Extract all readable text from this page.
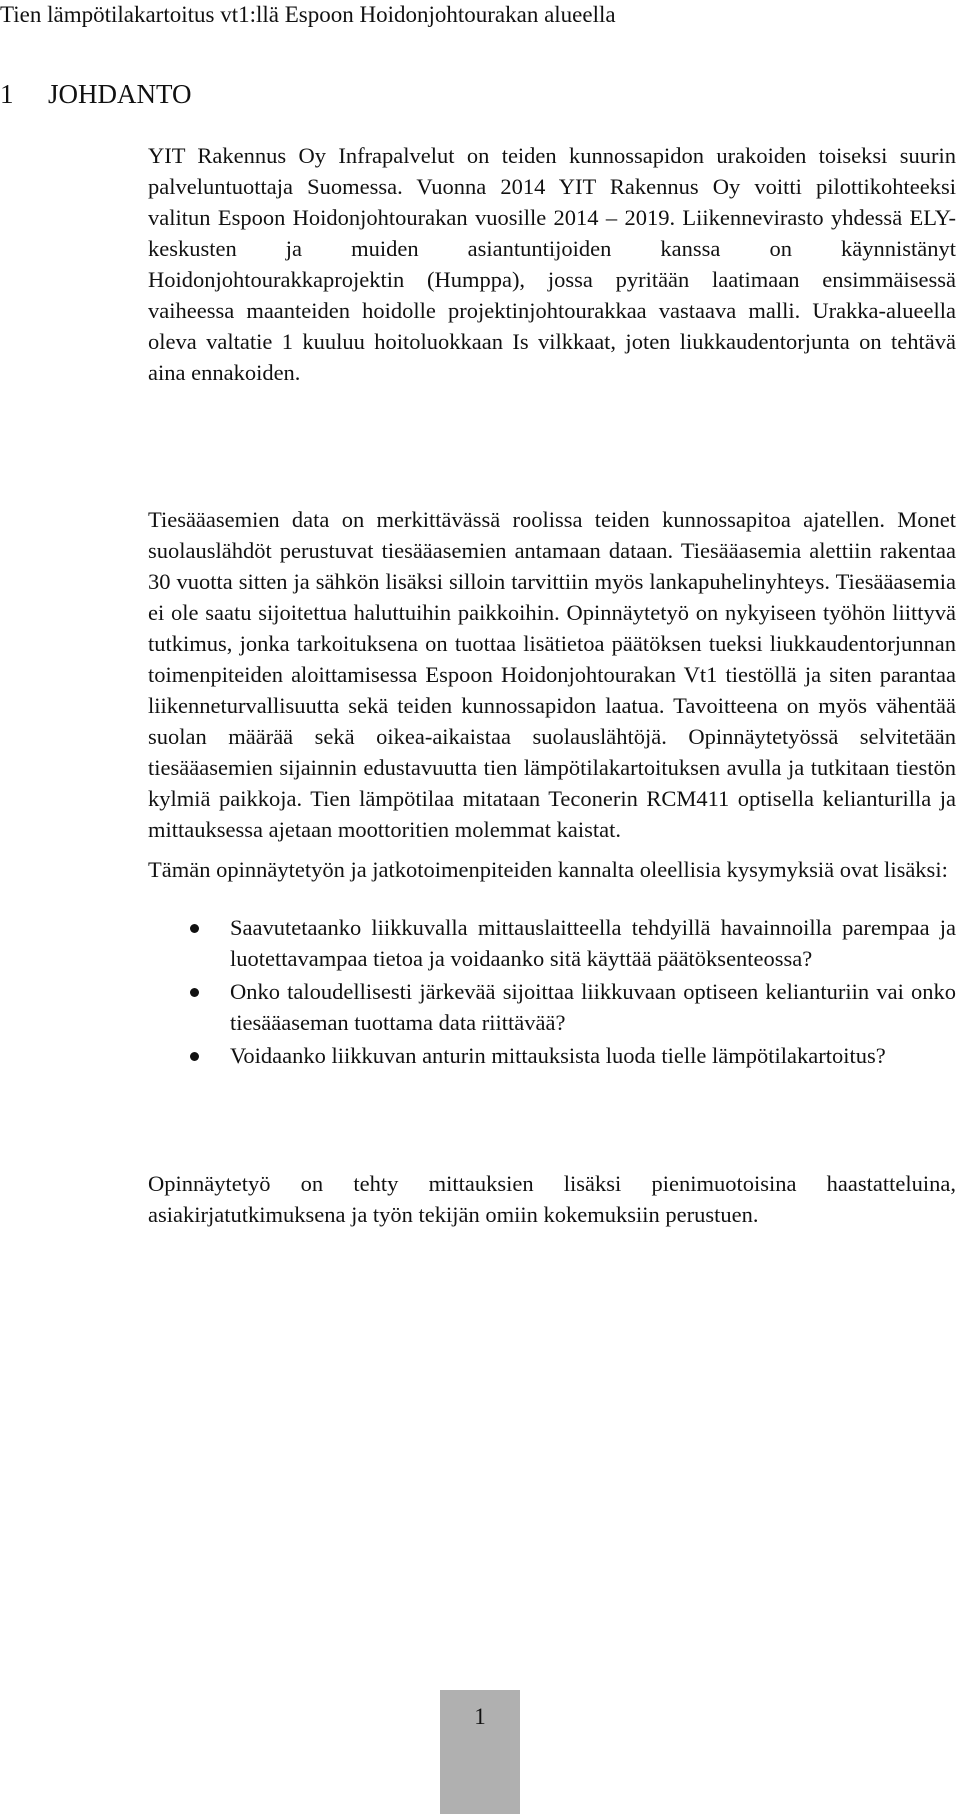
Tien lämpötilakartoitus vt1:llä Espoon Hoidonjohtourakan alueella
1 JOHDANTO

YIT Rakennus Oy Infrapalvelut on teiden kunnossapidon urakoiden toiseksi suurin palveluntuottaja Suomessa. Vuonna 2014 YIT Rakennus Oy voitti pilottikohteeksi valitun Espoon Hoidonjohtourakan vuosille 2014 – 2019. Liikennevirasto yhdessä ELY-keskusten ja muiden asiantuntijoiden kanssa on käynnistänyt Hoidonjohtourakkaprojektin (Humppa), jossa pyritään laatimaan ensimmäisessä vaiheessa maanteiden hoidolle projektinjohtourakkaa vastaava malli. Urakka-alueella oleva valtatie 1 kuuluu hoitoluokkaan Is vilkkaat, joten liukkaudentorjunta on tehtävä aina ennakoiden.

Tiesääasemien data on merkittävässä roolissa teiden kunnossapitoa ajatellen. Monet suolauslähdöt perustuvat tiesääasemien antamaan dataan. Tiesääasemia alettiin rakentaa 30 vuotta sitten ja sähkön lisäksi silloin tarvittiin myös lankapuhelinyhteys. Tiesääasemia ei ole saatu sijoitettua haluttuihin paikkoihin. Opinnäytetyö on nykyiseen työhön liittyvä tutkimus, jonka tarkoituksena on tuottaa lisätietoa päätöksen tueksi liukkaudentorjunnan toimenpiteiden aloittamisessa Espoon Hoidonjohtourakan Vt1 tiestöllä ja siten parantaa liikenneturvallisuutta sekä teiden kunnossapidon laatua. Tavoitteena on myös vähentää suolan määrää sekä oikea-aikaistaa suolauslähtöjä. Opinnäytetyössä selvitetään tiesääasemien sijainnin edustavuutta tien lämpötilakartoituksen avulla ja tutkitaan tiestön kylmiä paikkoja. Tien lämpötilaa mitataan Teconerin RCM411 optisella kelianturilla ja mittauksessa ajetaan moottoritien molemmat kaistat.

Tämän opinnäytetyön ja jatkotoimenpiteiden kannalta oleellisia kysymyksiä ovat lisäksi:

Saavutetaanko liikkuvalla mittauslaitteella tehdyillä havainnoilla parempaa ja luotettavampaa tietoa ja voidaanko sitä käyttää päätöksenteossa?
Onko taloudellisesti järkevää sijoittaa liikkuvaan optiseen kelianturiin vai onko tiesääaseman tuottama data riittävää?
Voidaanko liikkuvan anturin mittauksista luoda tielle lämpötilakartoitus?

Opinnäytetyö on tehty mittauksien lisäksi pienimuotoisina haastatteluina, asiakirjatutkimuksena ja työn tekijän omiin kokemuksiin perustuen.

1
